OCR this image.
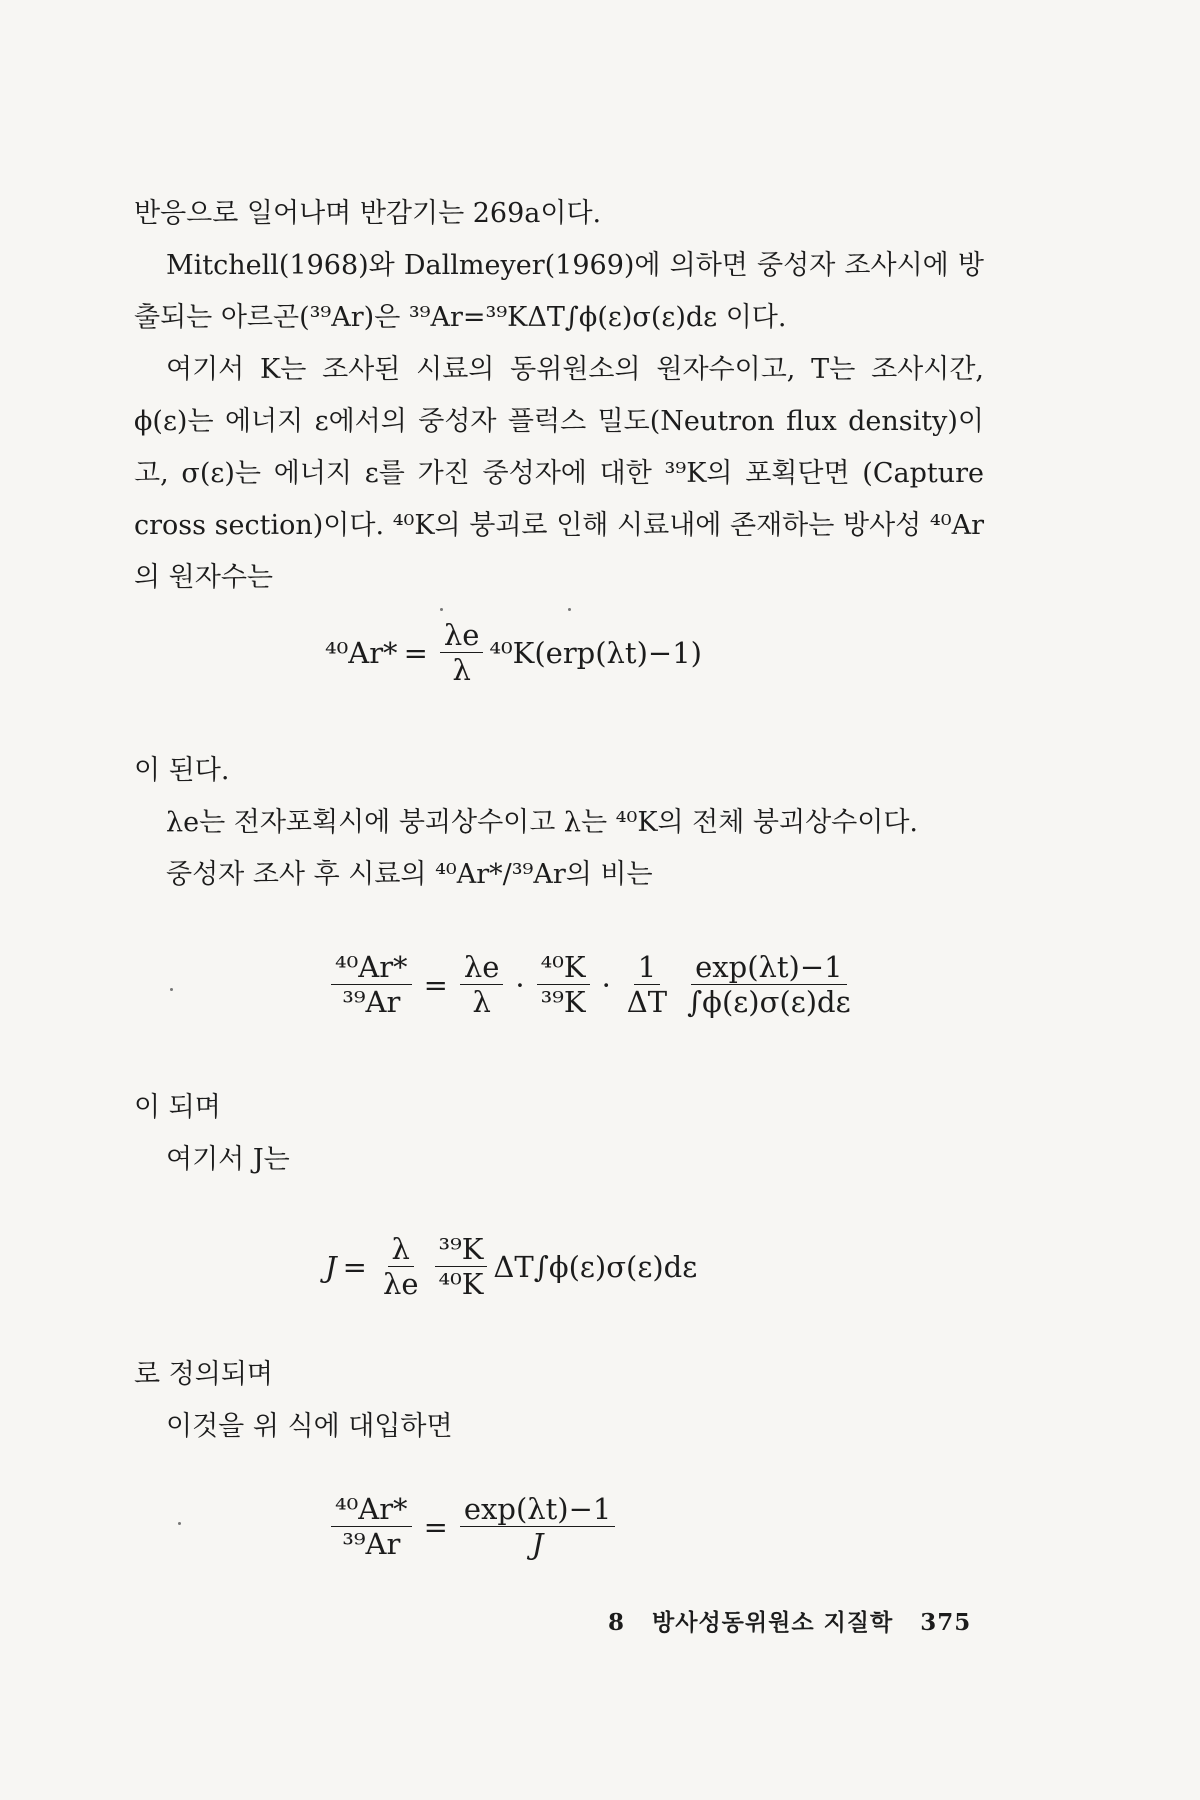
반응으로 일어나며 반감기는 269a이다.

Mitchell(1968)와 Dallmeyer(1969)에 의하면 중성자 조사시에 방출되는 아르곤(³⁹Ar)은 ³⁹Ar=³⁹KΔT∫ϕ(ε)σ(ε)dε 이다.

여기서 K는 조사된 시료의 동위원소의 원자수이고, T는 조사시간, ϕ(ε)는 에너지 ε에서의 중성자 플럭스 밀도(Neutron flux density)이고, σ(ε)는 에너지 ε를 가진 중성자에 대한 ³⁹K의 포획단면 (Capture cross section)이다. ⁴⁰K의 붕괴로 인해 시료내에 존재하는 방사성 ⁴⁰Ar의 원자수는

$^{40}Ar* = \frac{\lambda e}{\lambda} ^{40}K(erp(\lambda t)-1)$
이 된다.
λe는 전자포획시에 붕괴상수이고 λ는 ⁴⁰K의 전체 붕괴상수이다.
중성자 조사 후 시료의 ⁴⁰Ar*/³⁹Ar의 비는
$\frac{\text{⁴⁰Ar*}}{\text{³⁹Ar}} = \frac{\lambda e}{\lambda} \cdot \frac{\text{⁴⁰K}}{\text{³⁹K}} \cdot \frac{1}{\Delta T} \frac{\exp(\lambda t)-1}{\int\phi(\varepsilon)\sigma(\varepsilon)d\varepsilon}$
이 되며
여기서 J는
$J = \frac{\lambda}{\lambda e} \frac{\text{³⁹K}}{\text{⁴⁰K}} \Delta T\int\phi(\varepsilon)\sigma(\varepsilon)d\varepsilon$
로 정의되며
이것을 위 식에 대입하면
$\frac{\text{⁴⁰Ar*}}{\text{³⁹Ar}} = \frac{\exp(\lambda t)-1}{J}$
8 방사성동위원소 지질학 375
